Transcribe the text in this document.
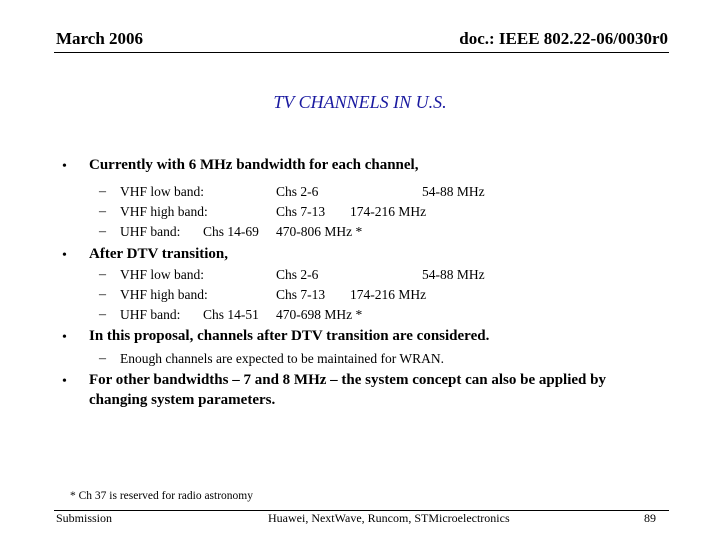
March 2006	doc.: IEEE 802.22-06/0030r0
TV CHANNELS IN U.S.
• Currently with 6 MHz bandwidth for each channel,
– VHF low band:	Chs 2-6	54-88 MHz
– VHF high band:	Chs 7-13 174-216 MHz
– UHF band: Chs 14-69 470-806 MHz *
• After DTV transition,
– VHF low band:	Chs 2-6	54-88 MHz
– VHF high band:	Chs 7-13 174-216 MHz
– UHF band: Chs 14-51 470-698 MHz *
• In this proposal, channels after DTV transition are considered.
– Enough channels are expected to be maintained for WRAN.
• For other bandwidths – 7 and 8 MHz – the system concept can also be applied by
changing system parameters.
* Ch 37 is reserved for radio astronomy
Submission	Huawei, NextWave, Runcom, STMicroelectronics	89
